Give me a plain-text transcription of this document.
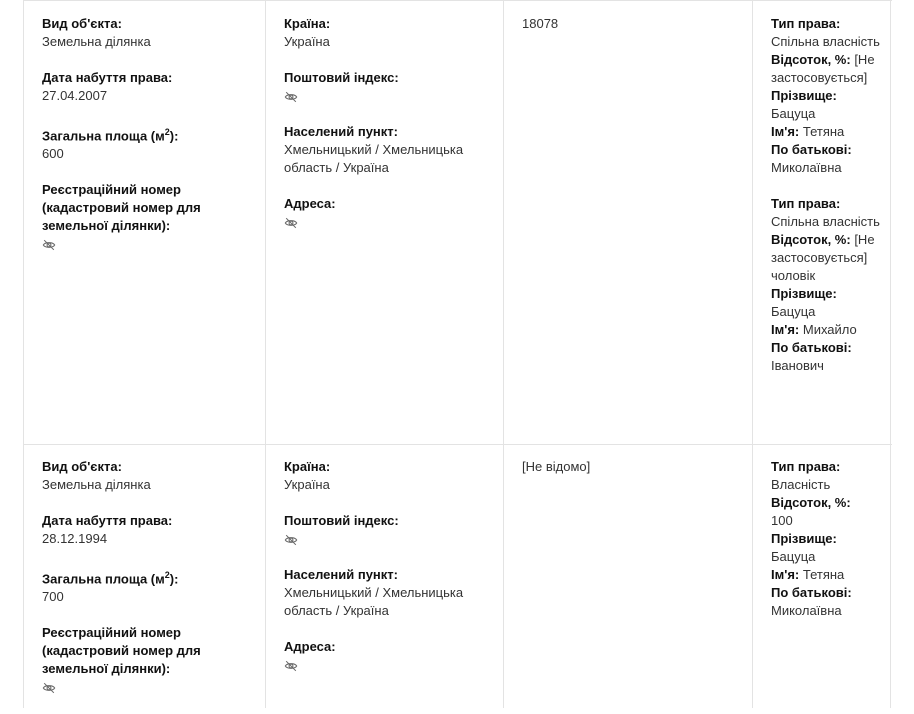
Вид об'єкта:
Земельна ділянка
Дата набуття права:
27.04.2007
Загальна площа $(м^2)$:
600
Реєстраційний номер (кадастровий номер для земельної ділянки):
Країна:
Україна
Поштовий індекс:
Населений пункт:
Хмельницький / Хмельницька область / Україна
Адреса:
18078	Тип права:
Спільна власність
Відсоток, %: [Не застосовується]
Прізвище:
Бацуца
Ім'я: Тетяна
По батькові:
Миколаївна
Тип права:
Спільна власність
Відсоток, %: [Не застосовується]
чоловік
Прізвище:
Бацуца
Ім'я: Михайло
По батькові:
Іванович
Вид об'єкта:
Земельна ділянка
Дата набуття права:
28.12.1994
Загальна площа $(м^2)$:
700
Реєстраційний номер (кадастровий номер для земельної ділянки):
Країна:
Україна
Поштовий індекс:
Населений пункт:
Хмельницький / Хмельницька область / Україна
Адреса:
[Не відомо]	Тип права:
Власність
Відсоток, %:
100
Прізвище:
Бацуца
Ім'я: Тетяна
По батькові:
Миколаївна
